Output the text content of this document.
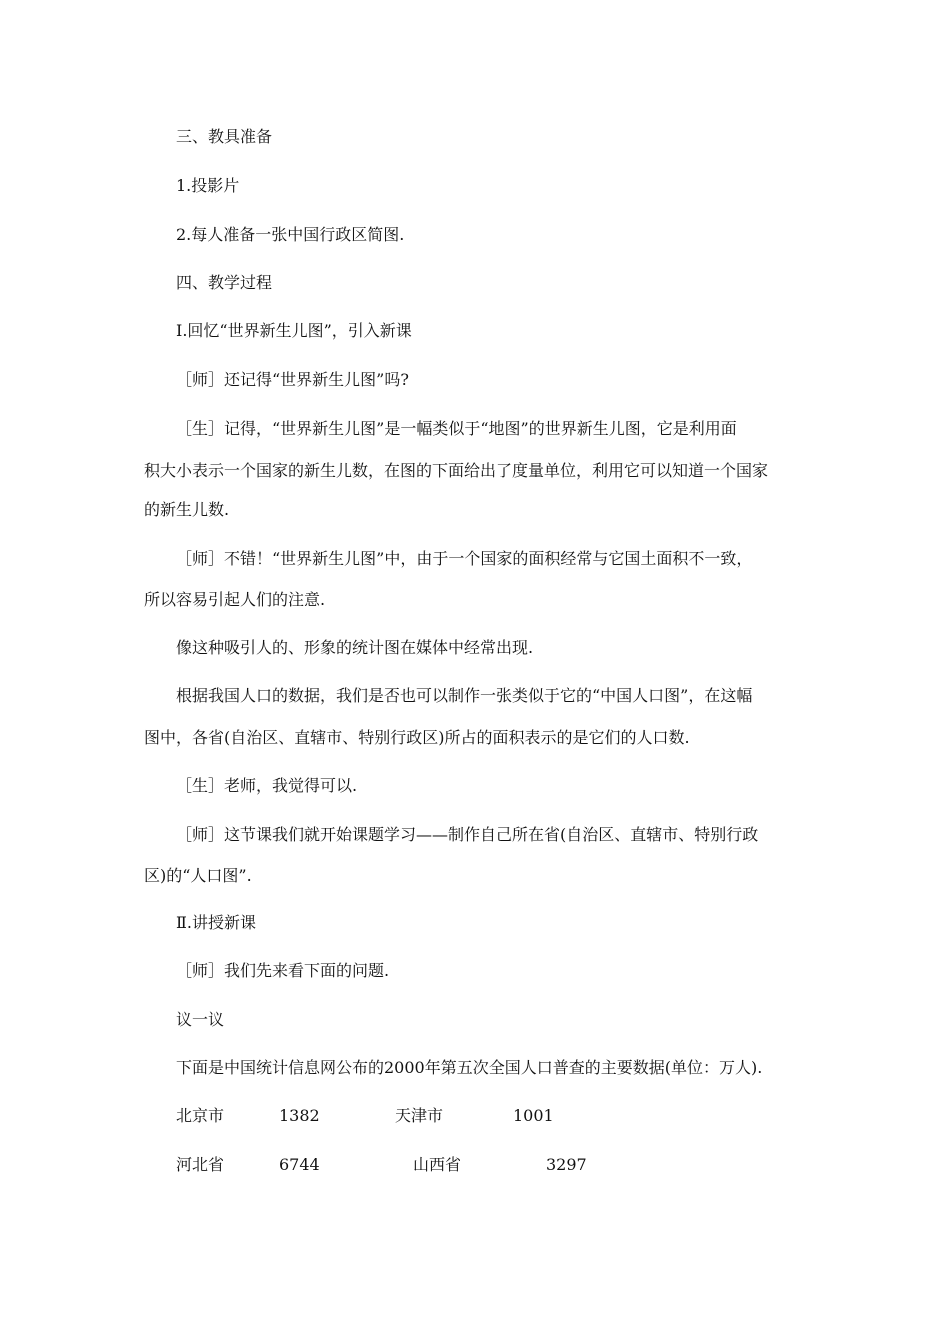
三、教具准备
1.投影片
2.每人准备一张中国行政区简图.
四、教学过程
Ⅰ.回忆“世界新生儿图”，引入新课
［师］还记得“世界新生儿图”吗?
［生］记得，“世界新生儿图”是一幅类似于“地图”的世界新生儿图，它是利用面
积大小表示一个国家的新生儿数，在图的下面给出了度量单位，利用它可以知道一个国家
的新生儿数.
［师］不错！“世界新生儿图”中，由于一个国家的面积经常与它国土面积不一致，
所以容易引起人们的注意.
像这种吸引人的、形象的统计图在媒体中经常出现.
根据我国人口的数据，我们是否也可以制作一张类似于它的“中国人口图”，在这幅
图中，各省(自治区、直辖市、特别行政区)所占的面积表示的是它们的人口数.
［生］老师，我觉得可以.
［师］这节课我们就开始课题学习——制作自己所在省(自治区、直辖市、特别行政
区)的“人口图”.
Ⅱ.讲授新课
［师］我们先来看下面的问题.
议一议
下面是中国统计信息网公布的2000年第五次全国人口普查的主要数据(单位：万人).
北京市	1382	天津市	1001
河北省	6744	山西省	3297
